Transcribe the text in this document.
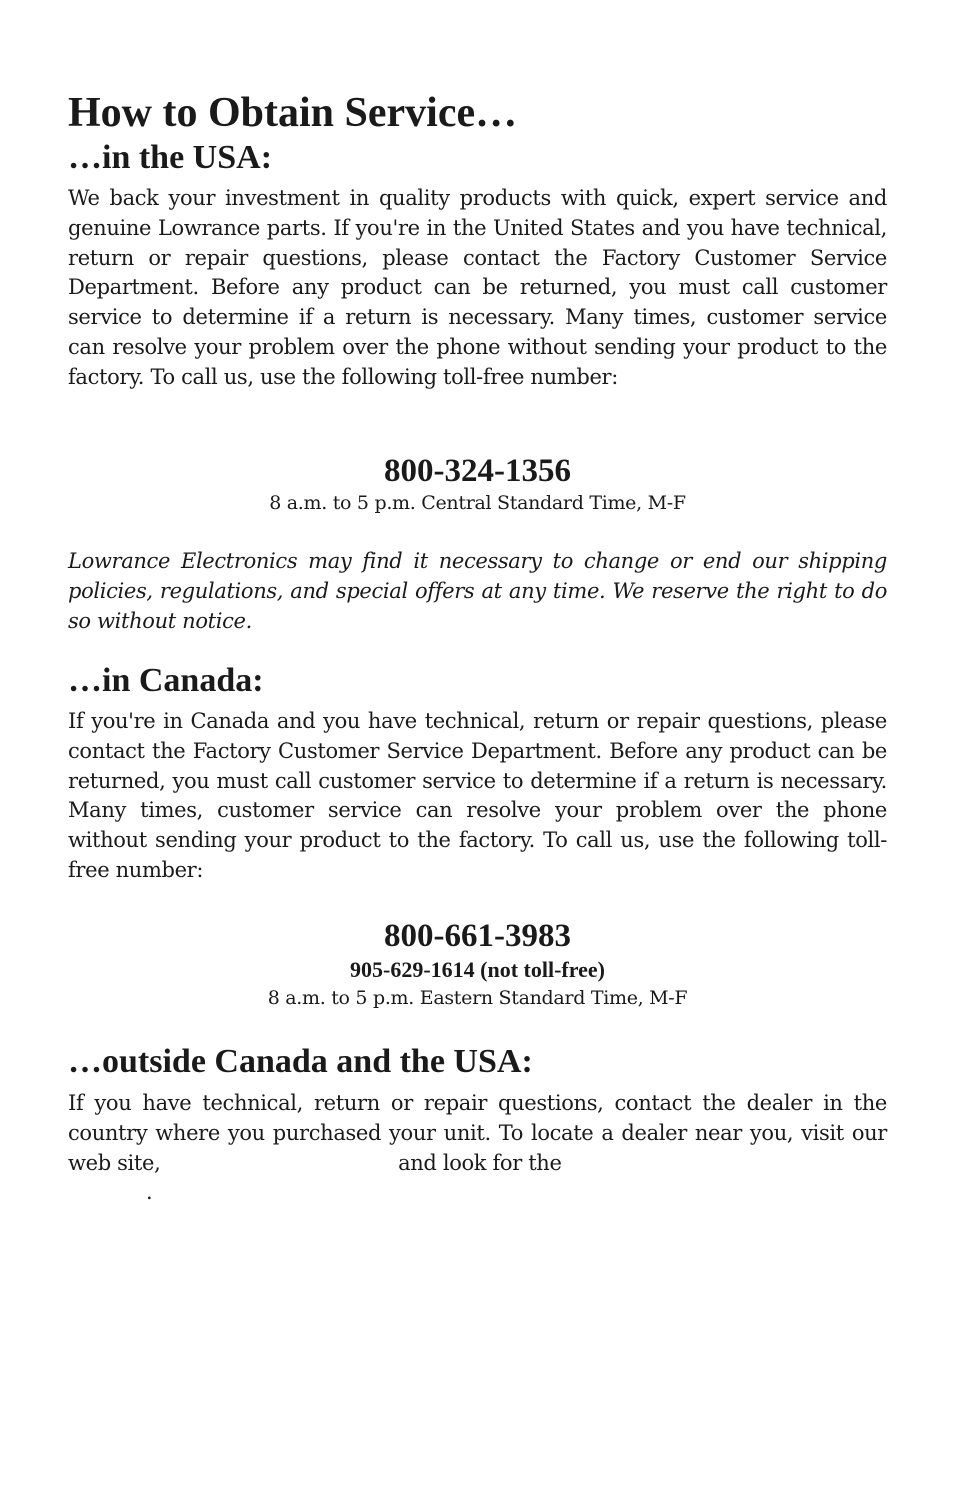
How to Obtain Service…
…in the USA:

We back your investment in quality products with quick, expert service and genuine Lowrance parts. If you're in the United States and you have technical, return or repair questions, please contact the Factory Customer Service Department. Before any product can be returned, you must call customer service to determine if a return is necessary. Many times, customer service can resolve your problem over the phone without sending your product to the factory. To call us, use the following toll-free number:

800-324-1356
8 a.m. to 5 p.m. Central Standard Time, M-F

Lowrance Electronics may find it necessary to change or end our shipping policies, regulations, and special offers at any time. We reserve the right to do so without notice.

…in Canada:

If you're in Canada and you have technical, return or repair questions, please contact the Factory Customer Service Department. Before any product can be returned, you must call customer service to determine if a return is necessary. Many times, customer service can resolve your problem over the phone without sending your product to the factory. To call us, use the following toll-free number:

800-661-3983
905-629-1614 (not toll-free)
8 a.m. to 5 p.m. Eastern Standard Time, M-F
…outside Canada and the USA:

If you have technical, return or repair questions, contact the dealer in the country where you purchased your unit. To locate a dealer near you, visit our web site,	and look for the
.
